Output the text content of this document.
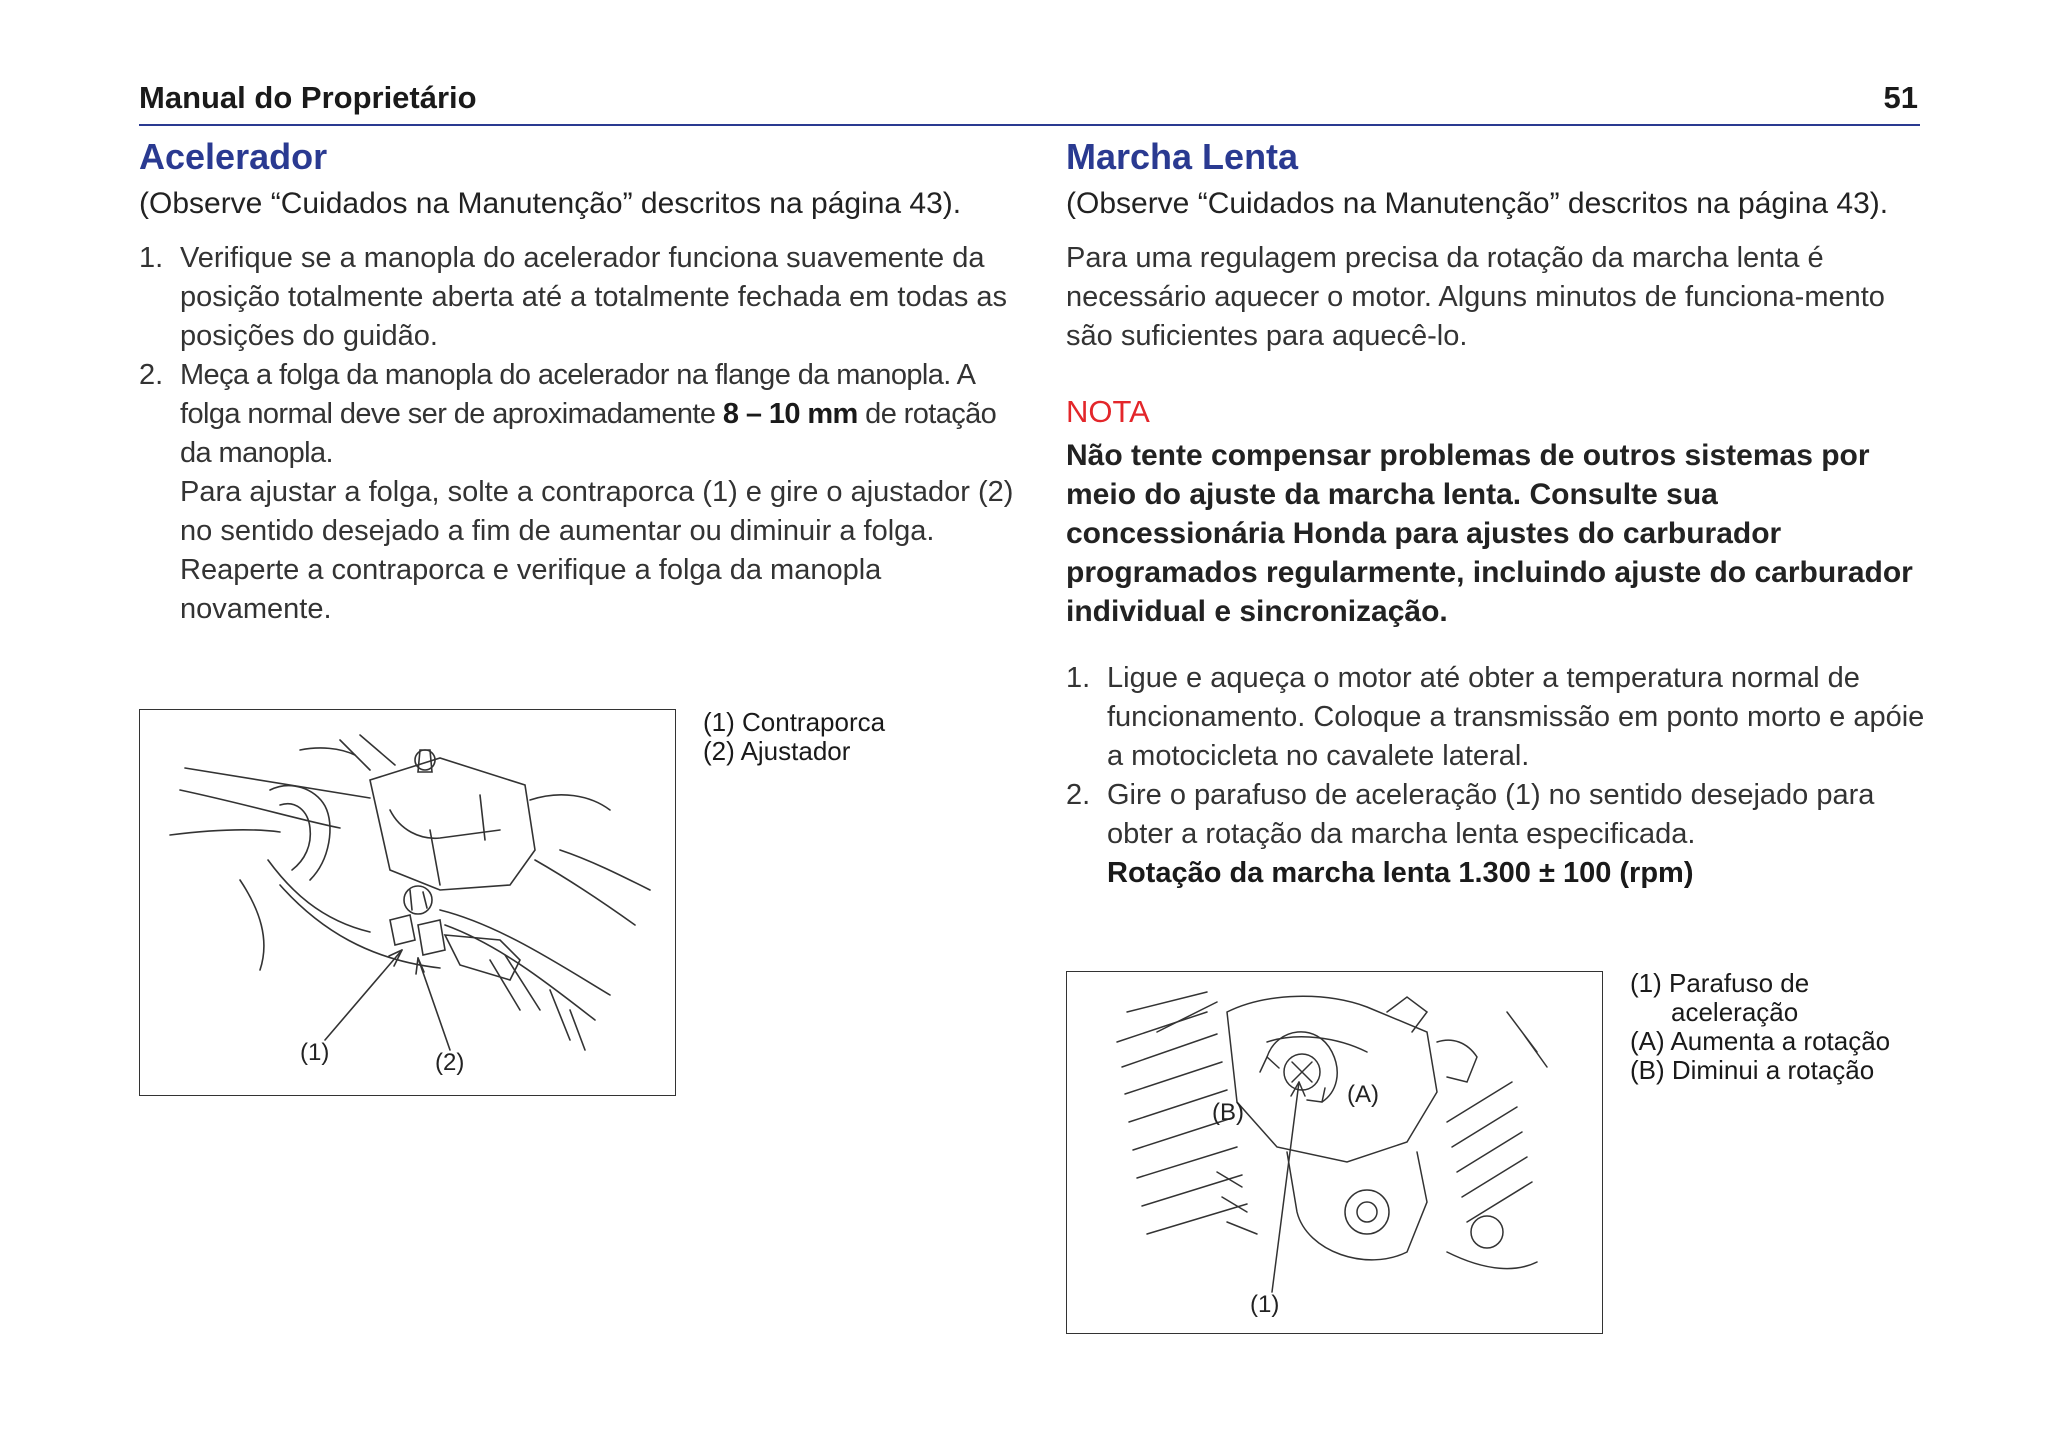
Manual do Proprietário	51
Acelerador

(Observe “Cuidados na Manutenção” descritos na página 43).

1. Verifique se a manopla do acelerador funciona suavemente da posição totalmente aberta até a totalmente fechada em todas as posições do guidão.
2. Meça a folga da manopla do acelerador na flange da manopla. A folga normal deve ser de aproximadamente 8 – 10 mm de rotação da manopla.
Para ajustar a folga, solte a contraporca (1) e gire o ajustador (2) no sentido desejado a fim de aumentar ou diminuir a folga. Reaperte a contraporca e verifique a folga da manopla novamente.
(1)	(2)
(1) Contraporca
(2) Ajustador
Marcha Lenta

(Observe “Cuidados na Manutenção” descritos na página 43).

Para uma regulagem precisa da rotação da marcha lenta é necessário aquecer o motor. Alguns minutos de funciona-mento são suficientes para aquecê-lo.

NOTA

Não tente compensar problemas de outros sistemas por meio do ajuste da marcha lenta. Consulte sua concessionária Honda para ajustes do carburador programados regularmente, incluindo ajuste do carburador individual e sincronização.

1. Ligue e aqueça o motor até obter a temperatura normal de funcionamento. Coloque a transmissão em ponto morto e apóie a motocicleta no cavalete lateral.
2. Gire o parafuso de aceleração (1) no sentido desejado para obter a rotação da marcha lenta especificada.
Rotação da marcha lenta 1.300 ± 100 (rpm)
(A)
(B)
(1)
(1) Parafuso de
aceleração
(A) Aumenta a rotação
(B) Diminui a rotação
